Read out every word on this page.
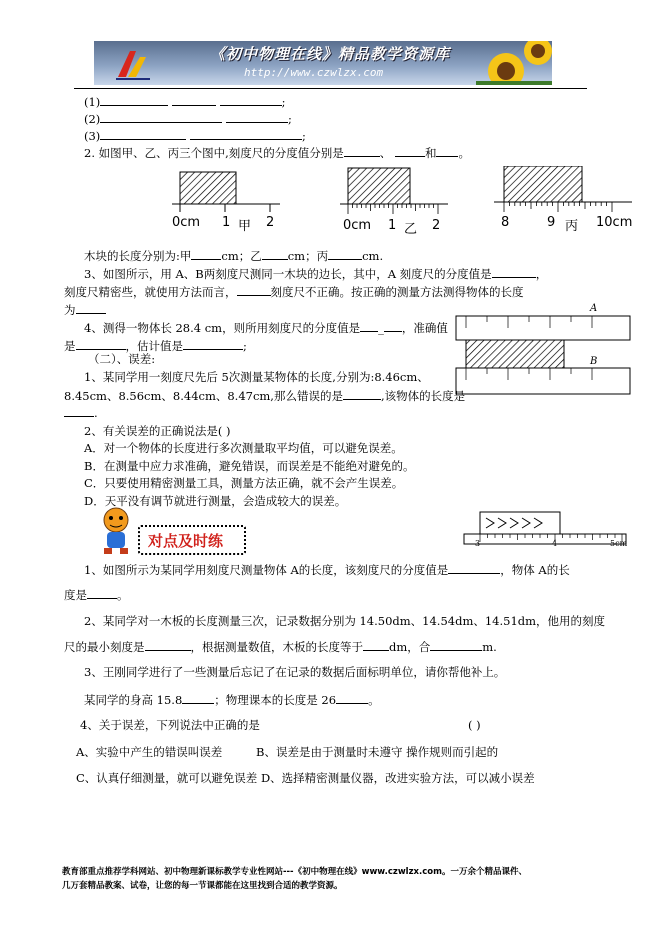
《初中物理在线》精品教学资源库
http://www.czwlzx.com
(1)	;
(2)	;
(3)	;
2. 如图甲、乙、丙三个图中,刻度尺的分度值分别是	、	和 。
0cm 1 甲 2	0cm 1 乙 2	8	9 丙 10cm
木块的长度分别为:甲	cm；乙 cm；丙	cm.
3、如图所示，用 A、B两刻度尺测同一木块的边长，其中，A 刻度尺的分度值是	，
刻度尺精密些，就使用方法而言，	刻度尺不正确。按正确的测量方法测得物体的长度
为
4、测得一物体长 28.4 cm，则所用刻度尺的分度值是 _ ，准确值
是	，估计值是	;
A
B
（二）、误差:
1、某同学用一刻度尺先后 5次测量某物体的长度,分别为:8.46cm、
8.45cm、8.56cm、8.44cm、8.47cm,那么错误的是	,该物体的长度是
.
2、有关误差的正确说法是( )
A．对一个物体的长度进行多次测量取平均值，可以避免误差。
B．在测量中应力求准确，避免错误，而误差是不能绝对避免的。
C．只要使用精密测量工具，测量方法正确，就不会产生误差。
D．天平没有调节就进行测量，会造成较大的误差。
对点及时练	3	4	5cm
1、如图所示为某同学用刻度尺测量物体 A的长度，该刻度尺的分度值是	，物体 A的长
度是	。
2、某同学对一木板的长度测量三次，记录数据分别为 14.50dm、14.54dm、14.51dm，他用的刻度
尺的最小刻度是	，根据测量数值，木板的长度等于 dm，合	m.
3、王刚同学进行了一些测量后忘记了在记录的数据后面标明单位，请你帮他补上。
某同学的身高 15.8	；物理课本的长度是 26	。
4、关于误差，下列说法中正确的是	( )
A、实验中产生的错误叫误差	B、误差是由于测量时未遵守 操作规则而引起的
C、认真仔细测量，就可以避免误差 D、选择精密测量仪器，改进实验方法，可以减小误差
教育部重点推荐学科网站、初中物理新课标教学专业性网站---《初中物理在线》www.czwlzx.com。一万余个精品课件、
几万套精品教案、试卷，让您的每一节课都能在这里找到合适的教学资源。
